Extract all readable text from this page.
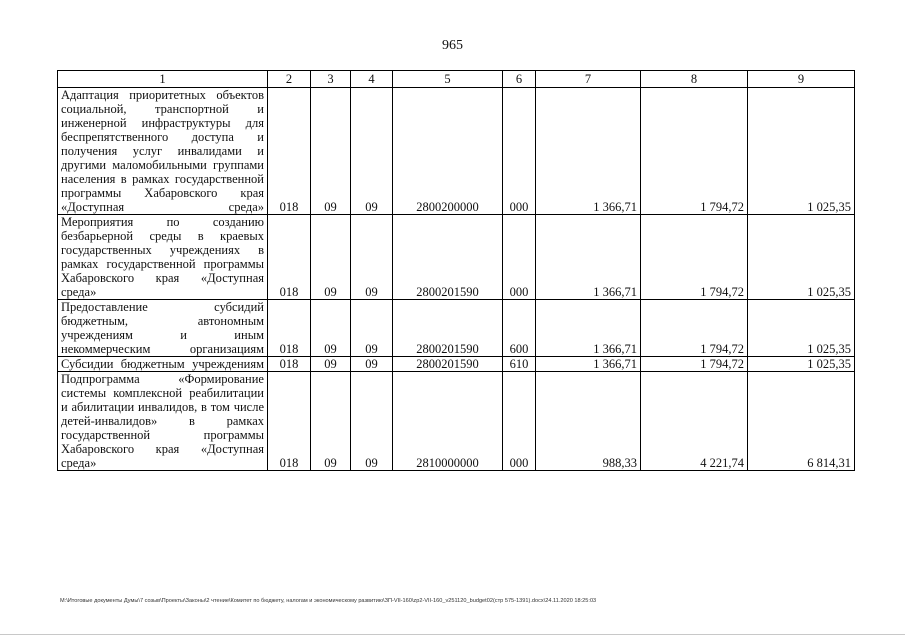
965
1	2	3	4	5	6	7	8	9
Адаптация приоритетных объектов социальной, транспортной и инженерной инфраструктуры для беспрепятственного доступа и получения услуг инвалидами и другими маломобильными группами населения в рамках государственной программы Хабаровского края «Доступная среда»	018	09	09	2800200000	000	1 366,71	1 794,72	1 025,35
Мероприятия по созданию безбарьерной среды в краевых государственных учреждениях в рамках государственной программы Хабаровского края «Доступная среда»	018	09	09	2800201590	000	1 366,71	1 794,72	1 025,35
Предоставление субсидий бюджетным, автономным учреждениям и иным некоммерческим организациям	018	09	09	2800201590	600	1 366,71	1 794,72	1 025,35
Субсидии бюджетным учреждениям	018	09	09	2800201590	610	1 366,71	1 794,72	1 025,35
Подпрограмма «Формирование системы комплексной реабилитации и абилитации инвалидов, в том числе детей-инвалидов» в рамках государственной программы Хабаровского края «Доступная среда»	018	09	09	2810000000	000	988,33	4 221,74	6 814,31
М:\Итоговые документы Думы\7 созыв\Проекты\Законы\2 чтение\Комитет по бюджету, налогам и экономическому развитию\ЗП-VII-160\zp2-VII-160_v251120_budget02(стр 575-1391).docx\24.11.2020 18:25:03
